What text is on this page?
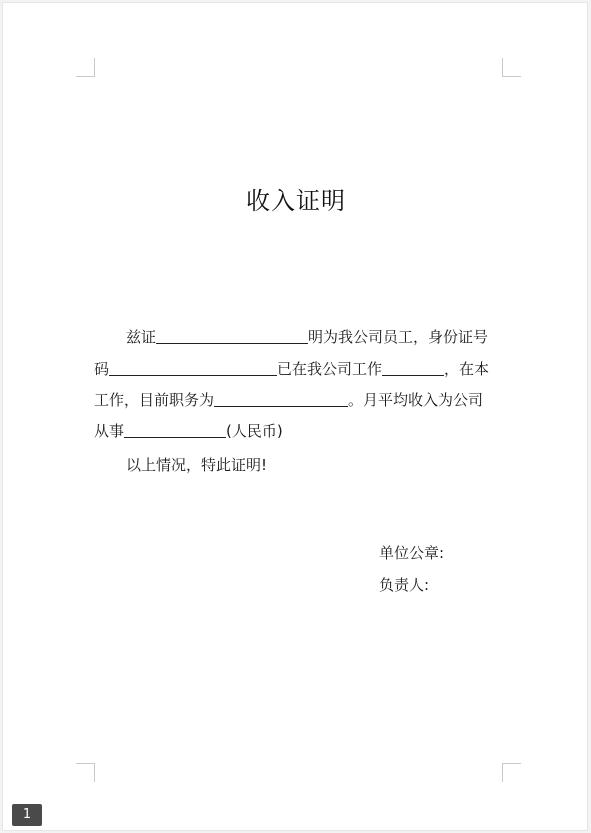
收入证明
兹证	明为我公司员工，身份证号
码	已在我公司工作	，在本
工作，目前职务为	。月平均收入为公司
从事	(人民币)
以上情况，特此证明!
单位公章:
负责人:
1
